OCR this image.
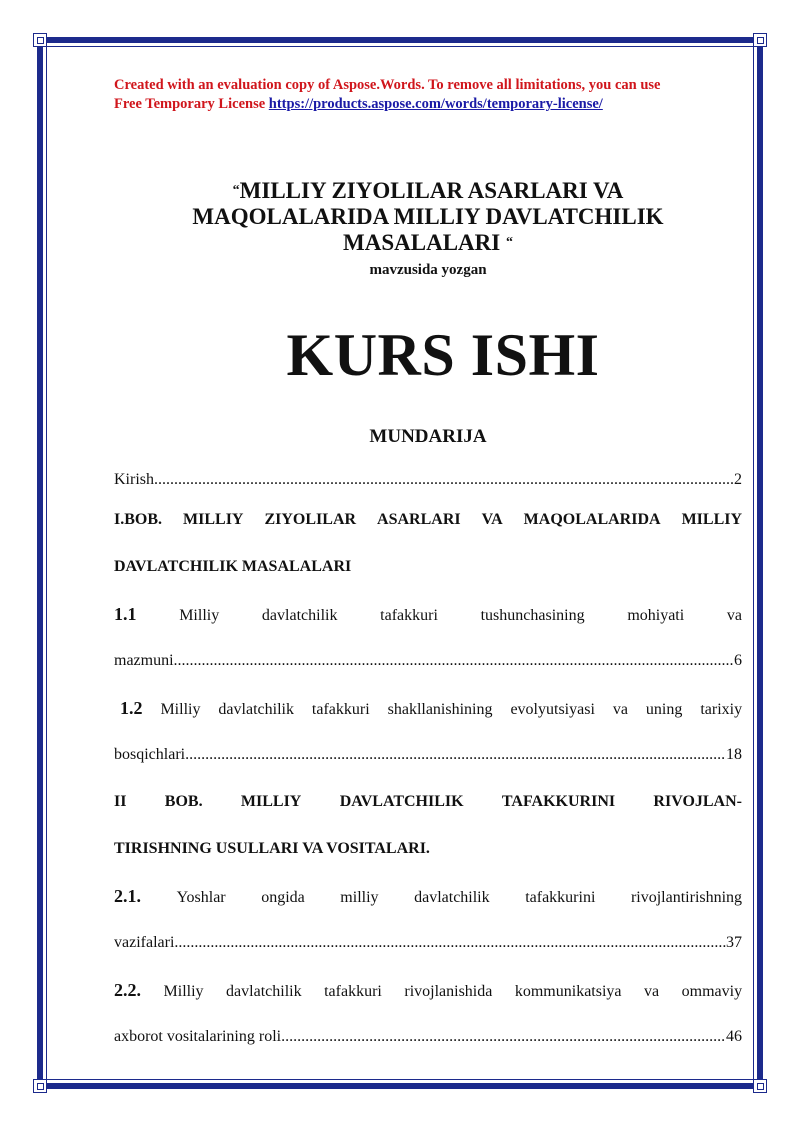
Created with an evaluation copy of Aspose.Words. To remove all limitations, you can use
Free Temporary License https://products.aspose.com/words/temporary-license/

“MILLIY ZIYOLILAR ASARLARI VA
MAQOLALARIDA MILLIY DAVLATCHILIK
MASALALARI “
mavzusida yozgan
KURS ISHI
MUNDARIJA
Kirish .....	2
I.BOB. MILLIY ZIYOLILAR ASARLARI VA MAQOLALARIDA MILLIY
DAVLATCHILIK MASALALARI
1.1	Milliy	davlatchilik	tafakkuri	tushunchasining	mohiyati	va
mazmuni .....	6
1.2 Milliy davlatchilik tafakkuri shakllanishining evolyutsiyasi va uning tarixiy
bosqichlari .....	18
II BOB. MILLIY DAVLATCHILIK TAFAKKURINI RIVOJLAN-
TIRISHNING USULLARI VA VOSITALARI.
2.1. Yoshlar ongida milliy davlatchilik tafakkurini rivojlantirishning
vazifalari .....	37
2.2. Milliy davlatchilik tafakkuri rivojlanishida kommunikatsiya va ommaviy
axborot vositalarining roli .....	46
